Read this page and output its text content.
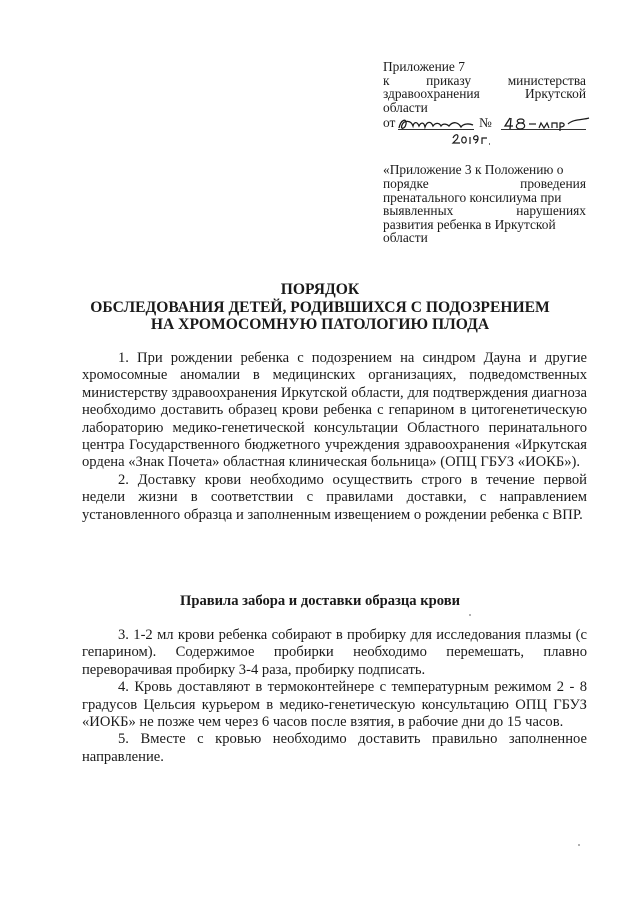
Приложение 7
к	приказу	министерства
здравоохранения	Иркутской
области
от	№
«Приложение 3 к Положению о
порядке	проведения
пренатального консилиума при
выявленных	нарушениях
развития ребенка в Иркутской
области
ПОРЯДОК
ОБСЛЕДОВАНИЯ ДЕТЕЙ, РОДИВШИХСЯ С ПОДОЗРЕНИЕМ
НА ХРОМОСОМНУЮ ПАТОЛОГИЮ ПЛОДА

1. При рождении ребенка с подозрением на синдром Дауна и другие хромосомные аномалии в медицинских организациях, подведомственных министерству здравоохранения Иркутской области, для подтверждения диагноза необходимо доставить образец крови ребенка с гепарином в цитогенетическую лабораторию медико-генетической консультации Областного перинатального центра Государственного бюджетного учреждения здравоохранения «Иркутская ордена «Знак Почета» областная клиническая больница» (ОПЦ ГБУЗ «ИОКБ»).

2. Доставку крови необходимо осуществить строго в течение первой недели жизни в соответствии с правилами доставки, с направлением установленного образца и заполненным извещением о рождении ребенка с ВПР.

Правила забора и доставки образца крови

3. 1-2 мл крови ребенка собирают в пробирку для исследования плазмы (с гепарином). Содержимое пробирки необходимо перемешать, плавно переворачивая пробирку 3-4 раза, пробирку подписать.

4. Кровь доставляют в термоконтейнере с температурным режимом 2 - 8 градусов Цельсия курьером в медико-генетическую консультацию ОПЦ ГБУЗ «ИОКБ» не позже чем через 6 часов после взятия, в рабочие дни до 15 часов.

5. Вместе с кровью необходимо доставить правильно заполненное направление.
